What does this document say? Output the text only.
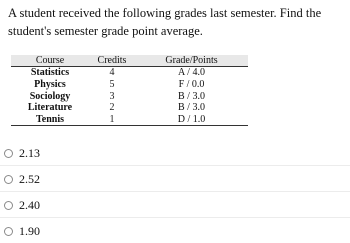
A student received the following grades last semester. Find the student's semester grade point average.

Course	Credits	Grade/Points
Statistics	4	A / 4.0
Physics	5	F / 0.0
Sociology	3	B / 3.0
Literature	2	B / 3.0
Tennis	1	D / 1.0
2.13
2.52
2.40
1.90
